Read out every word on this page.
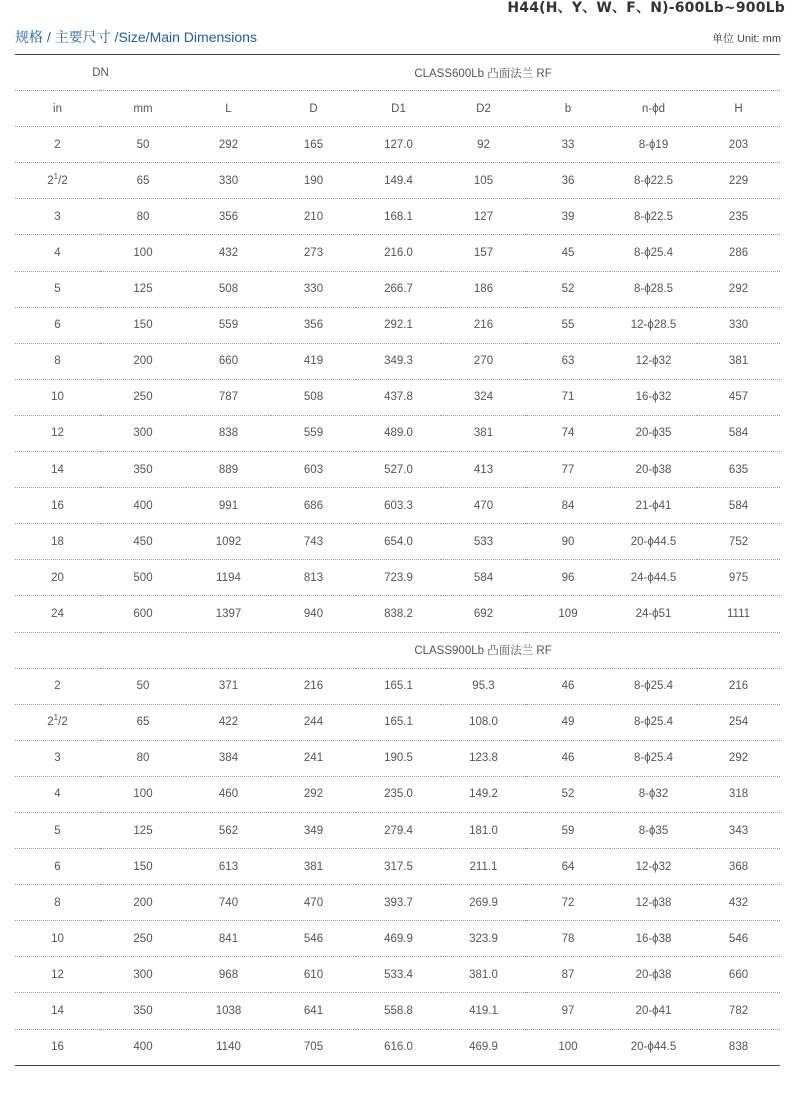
H44(H、Y、W、F、N)-600Lb~900Lb
规格 / 主要尺寸 /Size/Main Dimensions	单位 Unit: mm
DN		CLASS600Lb 凸面法兰 RF						
in	mm	L	D	D1	D2	b	n-ϕd	H
2	50	292	165	127.0	92	33	8-ϕ19	203
$2^1/2$	65	330	190	149.4	105	36	8-ϕ22.5	229
3	80	356	210	168.1	127	39	8-ϕ22.5	235
4	100	432	273	216.0	157	45	8-ϕ25.4	286
5	125	508	330	266.7	186	52	8-ϕ28.5	292
6	150	559	356	292.1	216	55	12-ϕ28.5	330
8	200	660	419	349.3	270	63	12-ϕ32	381
10	250	787	508	437.8	324	71	16-ϕ32	457
12	300	838	559	489.0	381	74	20-ϕ35	584
14	350	889	603	527.0	413	77	20-ϕ38	635
16	400	991	686	603.3	470	84	21-ϕ41	584
18	450	1092	743	654.0	533	90	20-ϕ44.5	752
20	500	1194	813	723.9	584	96	24-ϕ44.5	975
24	600	1397	940	838.2	692	109	24-ϕ51	1111
		CLASS900Lb 凸面法兰 RF						
2	50	371	216	165.1	95.3	46	8-ϕ25.4	216
$2^1/2$	65	422	244	165.1	108.0	49	8-ϕ25.4	254
3	80	384	241	190.5	123.8	46	8-ϕ25.4	292
4	100	460	292	235.0	149.2	52	8-ϕ32	318
5	125	562	349	279.4	181.0	59	8-ϕ35	343
6	150	613	381	317.5	211.1	64	12-ϕ32	368
8	200	740	470	393.7	269.9	72	12-ϕ38	432
10	250	841	546	469.9	323.9	78	16-ϕ38	546
12	300	968	610	533.4	381.0	87	20-ϕ38	660
14	350	1038	641	558.8	419.1	97	20-ϕ41	782
16	400	1140	705	616.0	469.9	100	20-ϕ44.5	838
